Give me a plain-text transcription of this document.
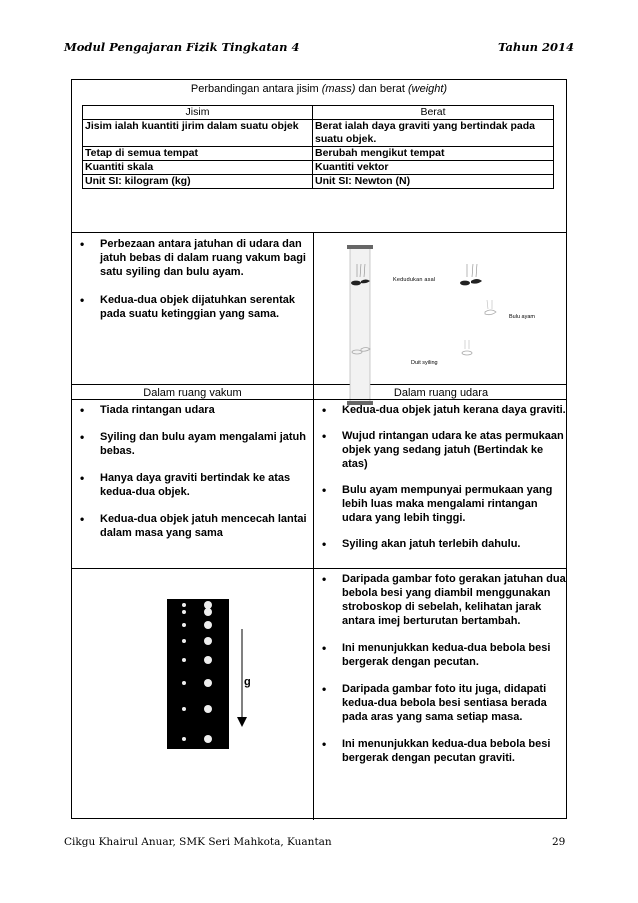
Modul Pengajaran Fizik Tingkatan 4	Tahun 2014
Perbandingan antara jisim (mass) dan berat (weight)
Jisim	Berat
Jisim ialah kuantiti jirim dalam suatu objek	Berat ialah daya graviti yang bertindak pada suatu objek.
Tetap di semua tempat	Berubah mengikut tempat
Kuantiti skala	Kuantiti vektor
Unit SI: kilogram (kg)	Unit SI: Newton (N)
• Perbezaan antara jatuhan di udara dan jatuh bebas di dalam ruang vakum bagi satu syiling dan bulu ayam.
• Kedua-dua objek dijatuhkan serentak pada suatu ketinggian yang sama.
Kedudukan asal
Bulu ayam
Duit syiling
Dalam ruang vakum	Dalam ruang udara
• Tiada rintangan udara
• Syiling dan bulu ayam mengalami jatuh bebas.
• Hanya daya graviti bertindak ke atas kedua-dua objek.
• Kedua-dua objek jatuh mencecah lantai dalam masa yang sama
• Kedua-dua objek jatuh kerana daya graviti.
• Wujud rintangan udara ke atas permukaan objek yang sedang jatuh (Bertindak ke atas)
• Bulu ayam mempunyai permukaan yang lebih luas maka mengalami rintangan udara yang lebih tinggi.
• Syiling akan jatuh terlebih dahulu.
g
• Daripada gambar foto gerakan jatuhan dua bebola besi yang diambil menggunakan stroboskop di sebelah, kelihatan jarak antara imej berturutan bertambah.
• Ini menunjukkan kedua-dua bebola besi bergerak dengan pecutan.
• Daripada gambar foto itu juga, didapati kedua-dua bebola besi sentiasa berada pada aras yang sama setiap masa.
• Ini menunjukkan kedua-dua bebola besi bergerak dengan pecutan graviti.
Cikgu Khairul Anuar, SMK Seri Mahkota, Kuantan	29
